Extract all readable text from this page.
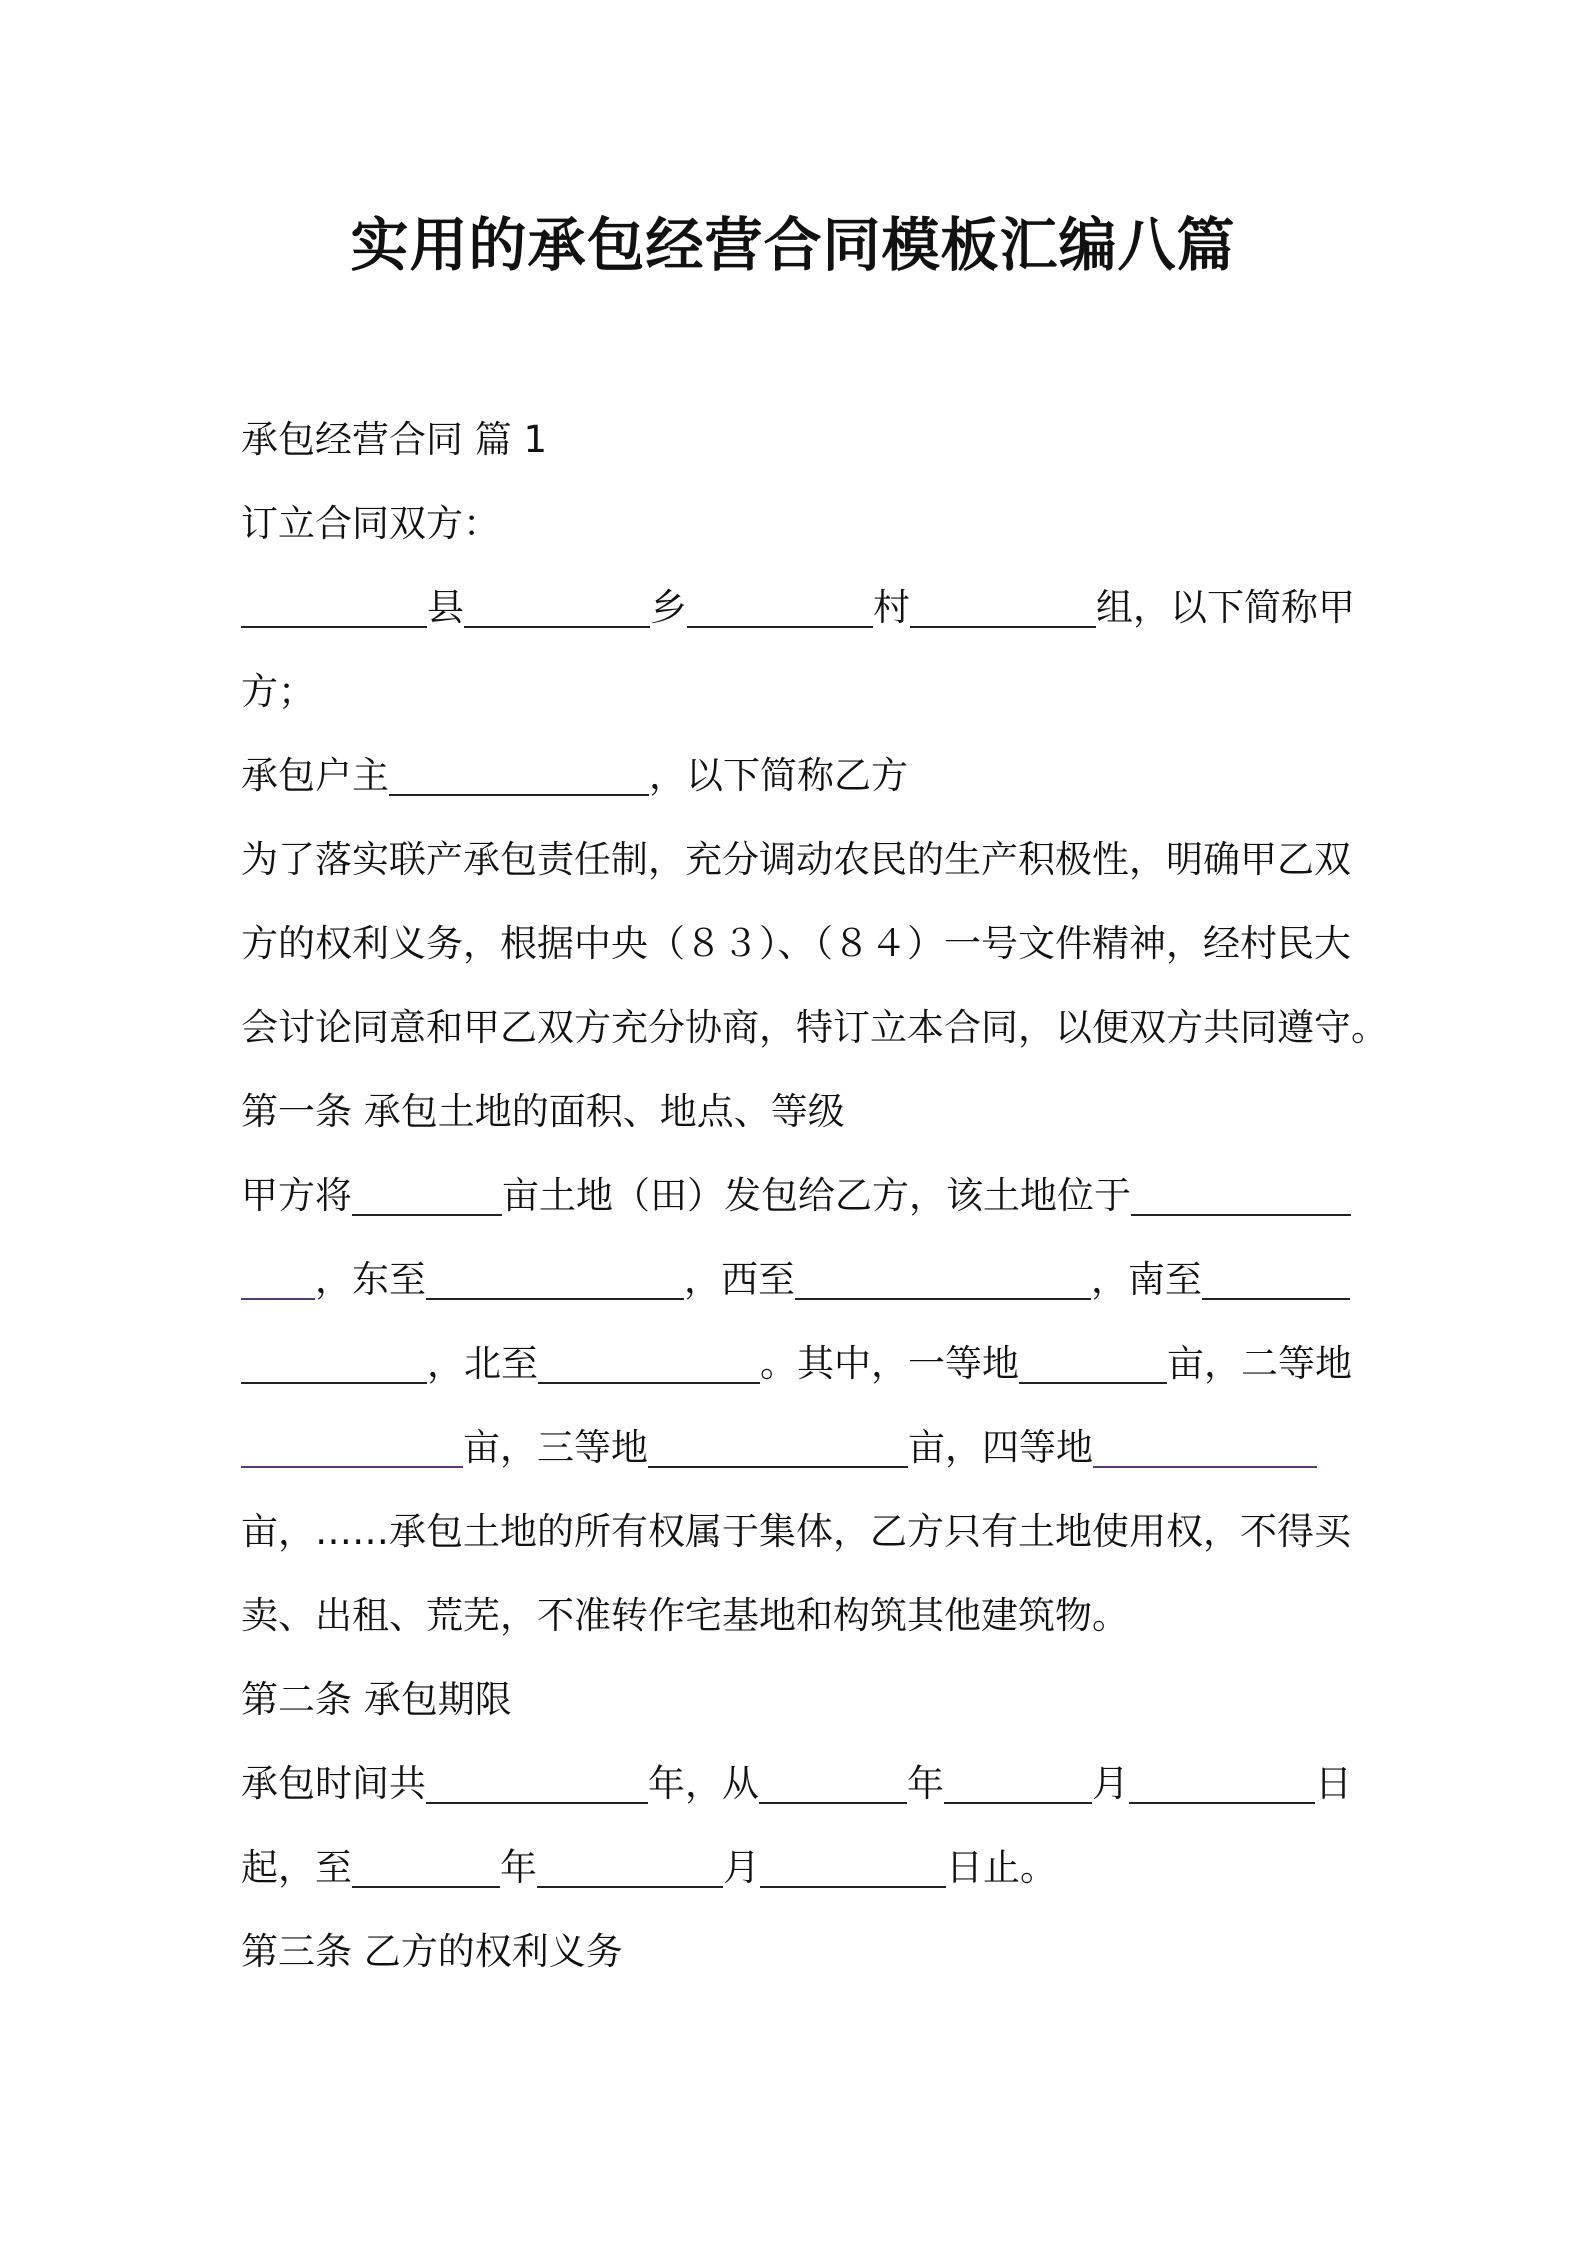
实用的承包经营合同模板汇编八篇
承包经营合同 篇 1
订立合同双方：
县	乡	村	组，以下简称甲
方；
承包户主	，以下简称乙方
为了落实联产承包责任制，充分调动农民的生产积极性，明确甲乙双
方的权利义务，根据中央（８３）、（８４）一号文件精神，经村民大
会讨论同意和甲乙双方充分协商，特订立本合同，以便双方共同遵守。
第一条 承包土地的面积、地点、等级
甲方将	亩土地（田）发包给乙方，该土地位于
，东至	，西至	，南至
，北至	。其中，一等地	亩，二等地
亩，三等地	亩，四等地
亩，……承包土地的所有权属于集体，乙方只有土地使用权，不得买
卖、出租、荒芜，不准转作宅基地和构筑其他建筑物。
第二条 承包期限
承包时间共	年，从	年	月	日
起，至	年	月	日止。
第三条 乙方的权利义务
